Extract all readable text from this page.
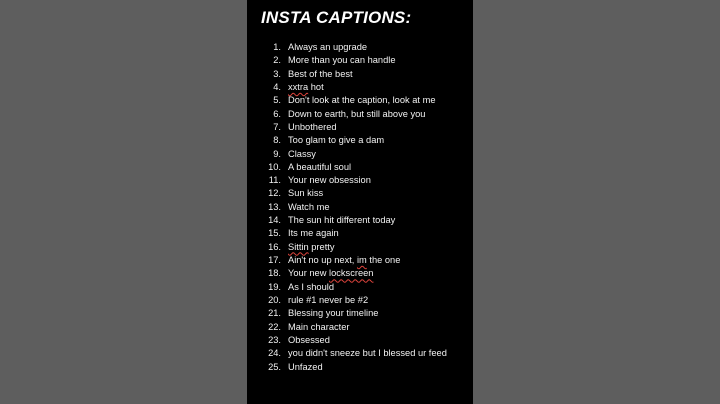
INSTA CAPTIONS:
1. Always an upgrade
2. More than you can handle
3. Best of the best
4. xxtra hot
5. Don't look at the caption, look at me
6. Down to earth, but still above you
7. Unbothered
8. Too glam to give a dam
9. Classy
10. A beautiful soul
11. Your new obsession
12. Sun kiss
13. Watch me
14. The sun hit different today
15. Its me again
16. Sittin pretty
17. Ain't no up next, im the one
18. Your new lockscreen
19. As I should
20. rule #1 never be #2
21. Blessing your timeline
22. Main character
23. Obsessed
24. you didn't sneeze but I blessed ur feed
25. Unfazed
